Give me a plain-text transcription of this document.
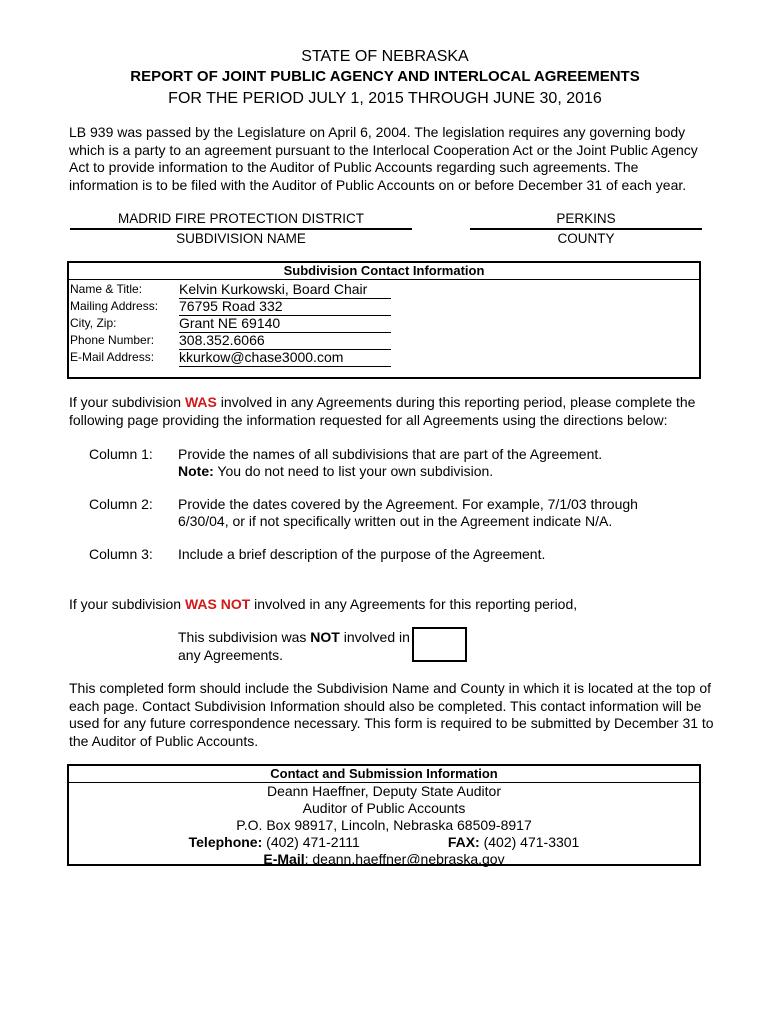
STATE OF NEBRASKA
REPORT OF JOINT PUBLIC AGENCY AND INTERLOCAL AGREEMENTS
FOR THE PERIOD JULY 1, 2015 THROUGH JUNE 30, 2016
LB 939 was passed by the Legislature on April 6, 2004. The legislation requires any governing body which is a party to an agreement pursuant to the Interlocal Cooperation Act or the Joint Public Agency Act to provide information to the Auditor of Public Accounts regarding such agreements. The information is to be filed with the Auditor of Public Accounts on or before December 31 of each year.
MADRID FIRE PROTECTION DISTRICT
SUBDIVISION NAME
PERKINS
COUNTY
Subdivision Contact Information
Name & Title:	Kelvin Kurkowski, Board Chair
Mailing Address:	76795 Road 332
City, Zip:	Grant NE 69140
Phone Number:	308.352.6066
E-Mail Address:	kkurkow@chase3000.com
If your subdivision WAS involved in any Agreements during this reporting period, please complete the following page providing the information requested for all Agreements using the directions below:
Column 1: Provide the names of all subdivisions that are part of the Agreement.
Note: You do not need to list your own subdivision.
Column 2: Provide the dates covered by the Agreement. For example, 7/1/03 through 6/30/04, or if not specifically written out in the Agreement indicate N/A.
Column 3: Include a brief description of the purpose of the Agreement.
If your subdivision WAS NOT involved in any Agreements for this reporting period,
This subdivision was NOT involved in any Agreements.
This completed form should include the Subdivision Name and County in which it is located at the top of each page. Contact Subdivision Information should also be completed. This contact information will be used for any future correspondence necessary. This form is required to be submitted by December 31 to the Auditor of Public Accounts.
Contact and Submission Information
Deann Haeffner, Deputy State Auditor
Auditor of Public Accounts
P.O. Box 98917, Lincoln, Nebraska 68509-8917
Telephone: (402) 471-2111	FAX: (402) 471-3301
E-Mail: deann.haeffner@nebraska.gov
